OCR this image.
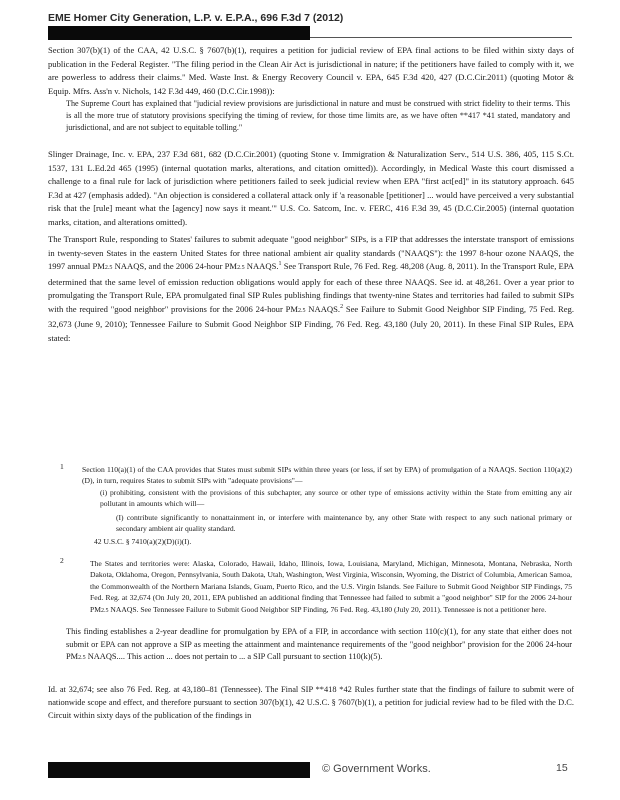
EME Homer City Generation, L.P. v. E.P.A., 696 F.3d 7 (2012)
Section 307(b)(1) of the CAA, 42 U.S.C. § 7607(b)(1), requires a petition for judicial review of EPA final actions to be filed within sixty days of publication in the Federal Register. "The filing period in the Clean Air Act is jurisdictional in nature; if the petitioners have failed to comply with it, we are powerless to address their claims." Med. Waste Inst. & Energy Recovery Council v. EPA, 645 F.3d 420, 427 (D.C.Cir.2011) (quoting Motor & Equip. Mfrs. Ass'n v. Nichols, 142 F.3d 449, 460 (D.C.Cir.1998)):
The Supreme Court has explained that "judicial review provisions are jurisdictional in nature and must be construed with strict fidelity to their terms. This is all the more true of statutory provisions specifying the timing of review, for those time limits are, as we have often **417 *41 stated, mandatory and jurisdictional, and are not subject to equitable tolling."
Slinger Drainage, Inc. v. EPA, 237 F.3d 681, 682 (D.C.Cir.2001) (quoting Stone v. Immigration & Naturalization Serv., 514 U.S. 386, 405, 115 S.Ct. 1537, 131 L.Ed.2d 465 (1995) (internal quotation marks, alterations, and citation omitted)). Accordingly, in Medical Waste this court dismissed a challenge to a final rule for lack of jurisdiction where petitioners failed to seek judicial review when EPA "first act[ed]" in its statutory approach. 645 F.3d at 427 (emphasis added). "An objection is considered a collateral attack only if 'a reasonable [petitioner] ... would have perceived a very substantial risk that the [rule] meant what the [agency] now says it meant.'" U.S. Co. Satcom, Inc. v. FERC, 416 F.3d 39, 45 (D.C.Cir.2005) (internal quotation marks, citation, and alterations omitted).
The Transport Rule, responding to States' failures to submit adequate "good neighbor" SIPs, is a FIP that addresses the interstate transport of emissions in twenty-seven States in the eastern United States for three national ambient air quality standards ("NAAQS"): the 1997 8-hour ozone NAAQS, the 1997 annual PM2.5 NAAQS, and the 2006 24-hour PM2.5 NAAQS.$^1$ See Transport Rule, 76 Fed. Reg. 48,208 (Aug. 8, 2011). In the Transport Rule, EPA determined that the same level of emission reduction obligations would apply for each of these three NAAQS. See id. at 48,261. Over a year prior to promulgating the Transport Rule, EPA promulgated final SIP Rules publishing findings that twenty-nine States and territories had failed to submit SIPs with the required "good neighbor" provisions for the 2006 24-hour PM2.5 NAAQS.$^2$ See Failure to Submit Good Neighbor SIP Finding, 75 Fed. Reg. 32,673 (June 9, 2010); Tennessee Failure to Submit Good Neighbor SIP Finding, 76 Fed. Reg. 43,180 (July 20, 2011). In these Final SIP Rules, EPA stated:
1 Section 110(a)(1) of the CAA provides that States must submit SIPs within three years (or less, if set by EPA) of promulgation of a NAAQS. Section 110(a)(2)(D), in turn, requires States to submit SIPs with "adequate provisions"—
(i) prohibiting, consistent with the provisions of this subchapter, any source or other type of emissions activity within the State from emitting any air pollutant in amounts which will—
(I) contribute significantly to nonattainment in, or interfere with maintenance by, any other State with respect to any such national primary or secondary ambient air quality standard.
42 U.S.C. § 7410(a)(2)(D)(i)(I).
2	The States and territories were: Alaska, Colorado, Hawaii, Idaho, Illinois, Iowa, Louisiana, Maryland, Michigan, Minnesota, Montana, Nebraska, North Dakota, Oklahoma, Oregon, Pennsylvania, South Dakota, Utah, Washington, West Virginia, Wisconsin, Wyoming, the District of Columbia, American Samoa, the Commonwealth of the Northern Mariana Islands, Guam, Puerto Rico, and the U.S. Virgin Islands. See Failure to Submit Good Neighbor SIP Findings, 75 Fed. Reg. at 32,674 (On July 20, 2011, EPA published an additional finding that Tennessee had failed to submit a "good neighbor" SIP for the 2006 24-hour PM2.5 NAAQS. See Tennessee Failure to Submit Good Neighbor SIP Finding, 76 Fed. Reg. 43,180 (July 20, 2011). Tennessee is not a petitioner here.
This finding establishes a 2-year deadline for promulgation by EPA of a FIP, in accordance with section 110(c)(1), for any state that either does not submit or EPA can not approve a SIP as meeting the attainment and maintenance requirements of the "good neighbor" provision for the 2006 24-hour PM2.5 NAAQS.... This action ... does not pertain to ... a SIP Call pursuant to section 110(k)(5).
Id. at 32,674; see also 76 Fed. Reg. at 43,180–81 (Tennessee). The Final SIP **418 *42 Rules further state that the findings of failure to submit were of nationwide scope and effect, and therefore pursuant to section 307(b)(1), 42 U.S.C. § 7607(b)(1), a petition for judicial review had to be filed with the D.C. Circuit within sixty days of the publication of the findings in
© Government Works.	15
